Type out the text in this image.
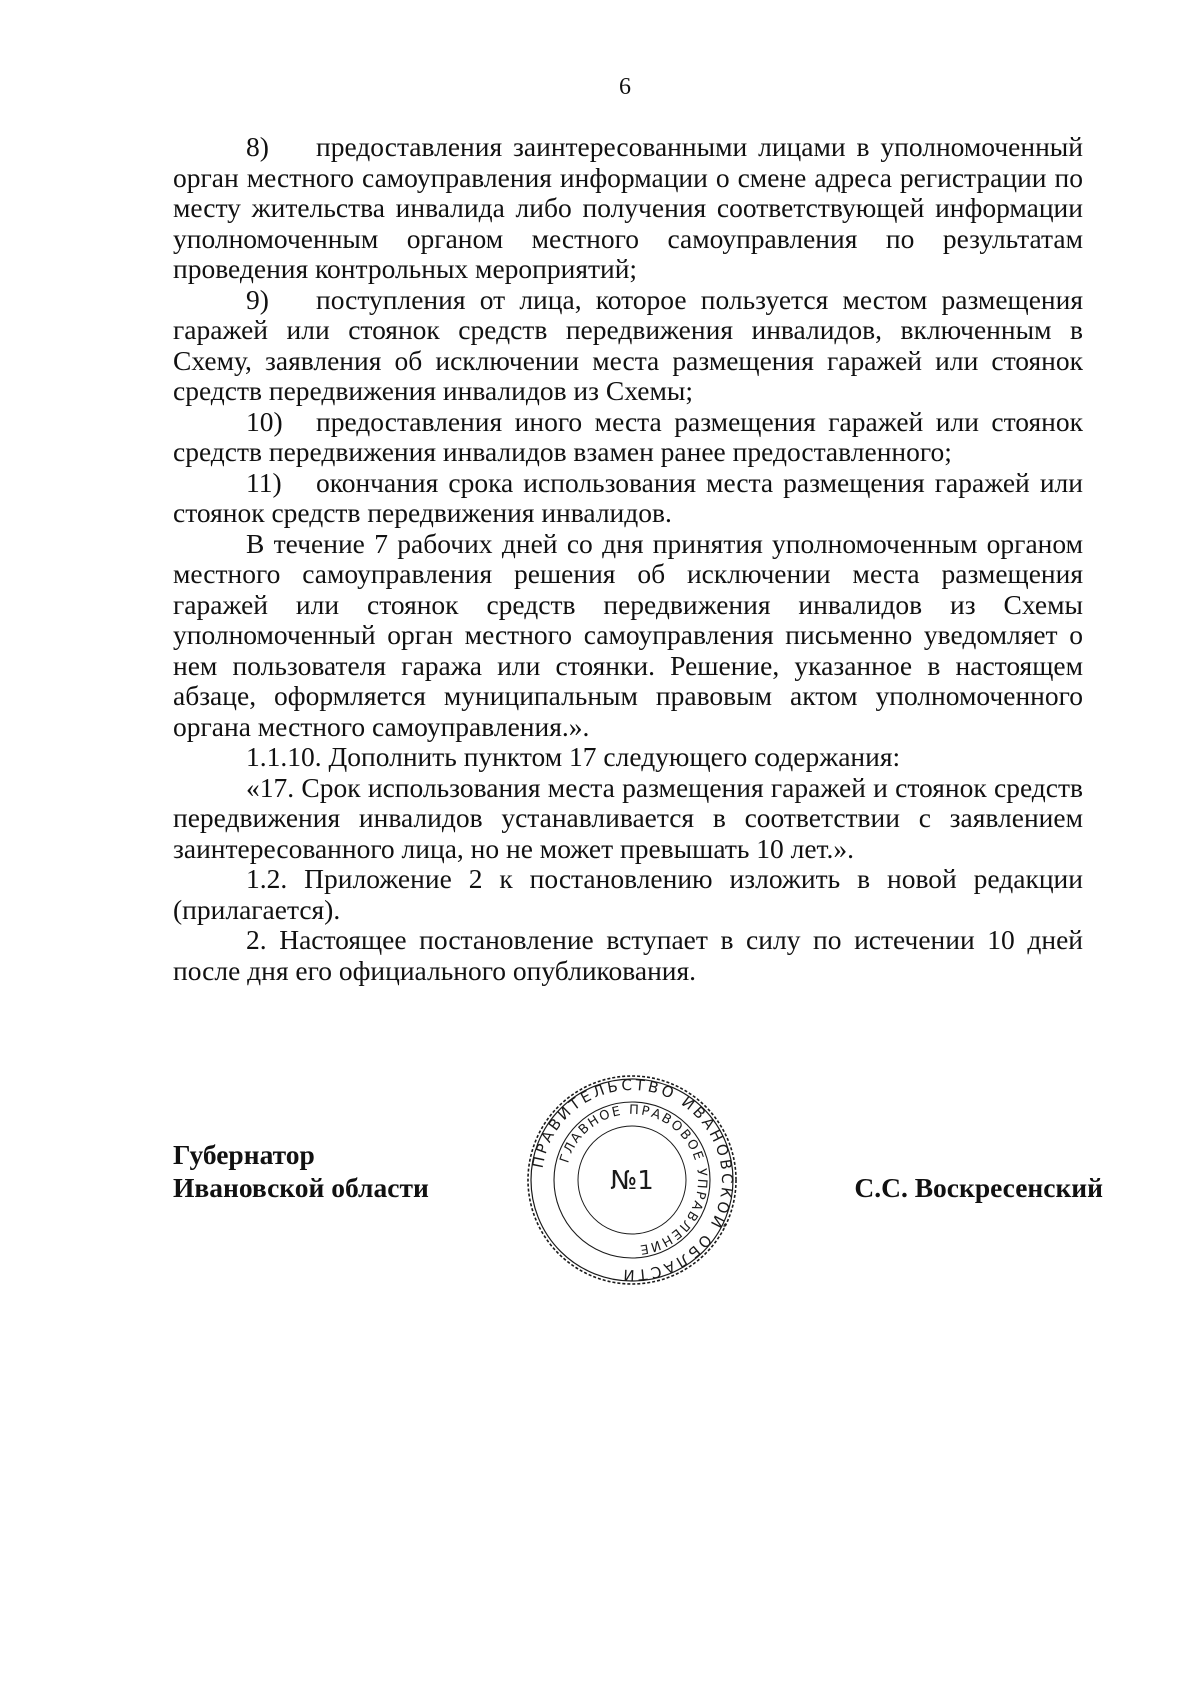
6

8) предоставления заинтересованными лицами в уполномоченный орган местного самоуправления информации о смене адреса регистрации по месту жительства инвалида либо получения соответствующей информации уполномоченным органом местного самоуправления по результатам проведения контрольных мероприятий;

9) поступления от лица, которое пользуется местом размещения гаражей или стоянок средств передвижения инвалидов, включенным в Схему, заявления об исключении места размещения гаражей или стоянок средств передвижения инвалидов из Схемы;

10) предоставления иного места размещения гаражей или стоянок средств передвижения инвалидов взамен ранее предоставленного;

11) окончания срока использования места размещения гаражей или стоянок средств передвижения инвалидов.

В течение 7 рабочих дней со дня принятия уполномоченным органом местного самоуправления решения об исключении места размещения гаражей или стоянок средств передвижения инвалидов из Схемы уполномоченный орган местного самоуправления письменно уведомляет о нем пользователя гаража или стоянки. Решение, указанное в настоящем абзаце, оформляется муниципальным правовым актом уполномоченного органа местного самоуправления.».

1.1.10. Дополнить пунктом 17 следующего содержания:

«17. Срок использования места размещения гаражей и стоянок средств передвижения инвалидов устанавливается в соответствии с заявлением заинтересованного лица, но не может превышать 10 лет.».

1.2. Приложение 2 к постановлению изложить в новой редакции (прилагается).

2. Настоящее постановление вступает в силу по истечении 10 дней после дня его официального опубликования.

Губернатор
Ивановской области	С.С. Воскресенский
ПРАВИТЕЛЬСТВО ИВАНОВСКОЙ ОБЛАСТИ
ГЛАВНОЕ ПРАВОВОЕ УПРАВЛЕНИЕ
№1
